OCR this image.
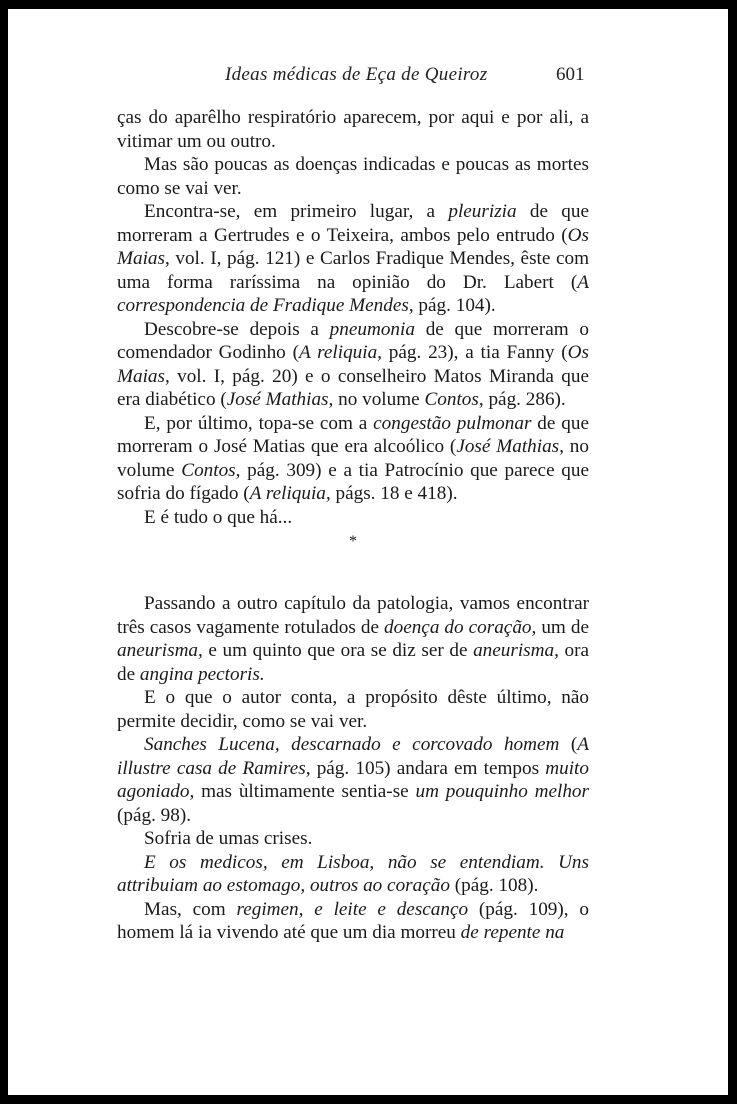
Ideas médicas de Eça de Queiroz	601

ças do aparêlho respiratório aparecem, por aqui e por ali, a vitimar um ou outro.

Mas são poucas as doenças indicadas e poucas as mortes como se vai ver.

Encontra-se, em primeiro lugar, a pleurizia de que morreram a Gertrudes e o Teixeira, ambos pelo entrudo (Os Maias, vol. I, pág. 121) e Carlos Fradique Mendes, êste com uma forma raríssima na opinião do Dr. Labert (A correspondencia de Fradique Mendes, pág. 104).

Descobre-se depois a pneumonia de que morreram o comendador Godinho (A reliquia, pág. 23), a tia Fanny (Os Maias, vol. I, pág. 20) e o conselheiro Matos Miranda que era diabético (José Mathias, no volume Contos, pág. 286).

E, por último, topa-se com a congestão pulmonar de que morreram o José Matias que era alcoólico (José Mathias, no volume Contos, pág. 309) e a tia Patrocínio que parece que sofria do fígado (A reliquia, págs. 18 e 418).

E é tudo o que há...

*

Passando a outro capítulo da patologia, vamos encontrar três casos vagamente rotulados de doença do coração, um de aneurisma, e um quinto que ora se diz ser de aneurisma, ora de angina pectoris.

E o que o autor conta, a propósito dêste último, não permite decidir, como se vai ver.

Sanches Lucena, descarnado e corcovado homem (A illustre casa de Ramires, pág. 105) andara em tempos muito agoniado, mas ùltimamente sentia-se um pouquinho melhor (pág. 98).

Sofria de umas crises.

E os medicos, em Lisboa, não se entendiam. Uns attribuiam ao estomago, outros ao coração (pág. 108).

Mas, com regimen, e leite e descanço (pág. 109), o homem lá ia vivendo até que um dia morreu de repente na
